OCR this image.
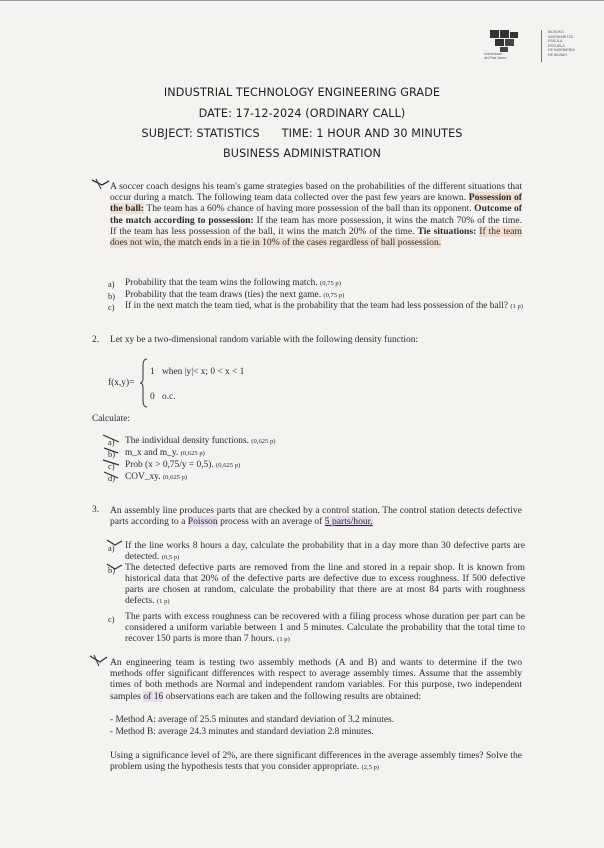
Universidad
del País Vasco
BILBOKO
INGENIARITZA
ESKOLA
ESCUELA
DE INGENIERÍA
DE BILBAO
INDUSTRIAL TECHNOLOGY ENGINEERING GRADE
DATE: 17-12-2024 (ORDINARY CALL)
SUBJECT: STATISTICS TIME: 1 HOUR AND 30 MINUTES
BUSINESS ADMINISTRATION
A soccer coach designs his team's game strategies based on the probabilities of the different situations that occur during a match. The following team data collected over the past few years are known. Possession of the ball: The team has a 60% chance of having more possession of the ball than its opponent. Outcome of the match according to possession: If the team has more possession, it wins the match 70% of the time. If the team has less possession of the ball, it wins the match 20% of the time. Tie situations: If the team does not win, the match ends in a tie in 10% of the cases regardless of ball possession.
a) Probability that the team wins the following match. (0,75 p)
b) Probability that the team draws (ties) the next game. (0,75 p)
c) If in the next match the team tied, what is the probability that the team had less possession of the ball? (1 p)
2. Let xy be a two-dimensional random variable with the following density function:
f(x,y)=
1 when |y|< x; 0 < x < 1
0 o.c.
Calculate:
a) The individual density functions. (0,625 p)
b) m_x and m_y. (0,625 p)
c) Prob (x > 0,75/y = 0,5). (0,625 p)
d) COV_xy. (0,625 p)
3. An assembly line produces parts that are checked by a control station. The control station detects defective parts according to a Poisson process with an average of 5 parts/hour.
a) If the line works 8 hours a day, calculate the probability that in a day more than 30 defective parts are detected. (0,5 p)
b) The detected defective parts are removed from the line and stored in a repair shop. It is known from historical data that 20% of the defective parts are defective due to excess roughness. If 500 defective parts are chosen at random, calculate the probability that there are at most 84 parts with roughness defects. (1 p)
c) The parts with excess roughness can be recovered with a filing process whose duration per part can be considered a uniform variable between 1 and 5 minutes. Calculate the probability that the total time to recover 150 parts is more than 7 hours. (1 p)
An engineering team is testing two assembly methods (A and B) and wants to determine if the two methods offer significant differences with respect to average assembly times. Assume that the assembly times of both methods are Normal and independent random variables. For this purpose, two independent samples of 16 observations each are taken and the following results are obtained:
- Method A: average of 25.5 minutes and standard deviation of 3.2 minutes.
- Method B: average 24.3 minutes and standard deviation 2.8 minutes.
Using a significance level of 2%, are there significant differences in the average assembly times? Solve the problem using the hypothesis tests that you consider appropriate. (2,5 p)
